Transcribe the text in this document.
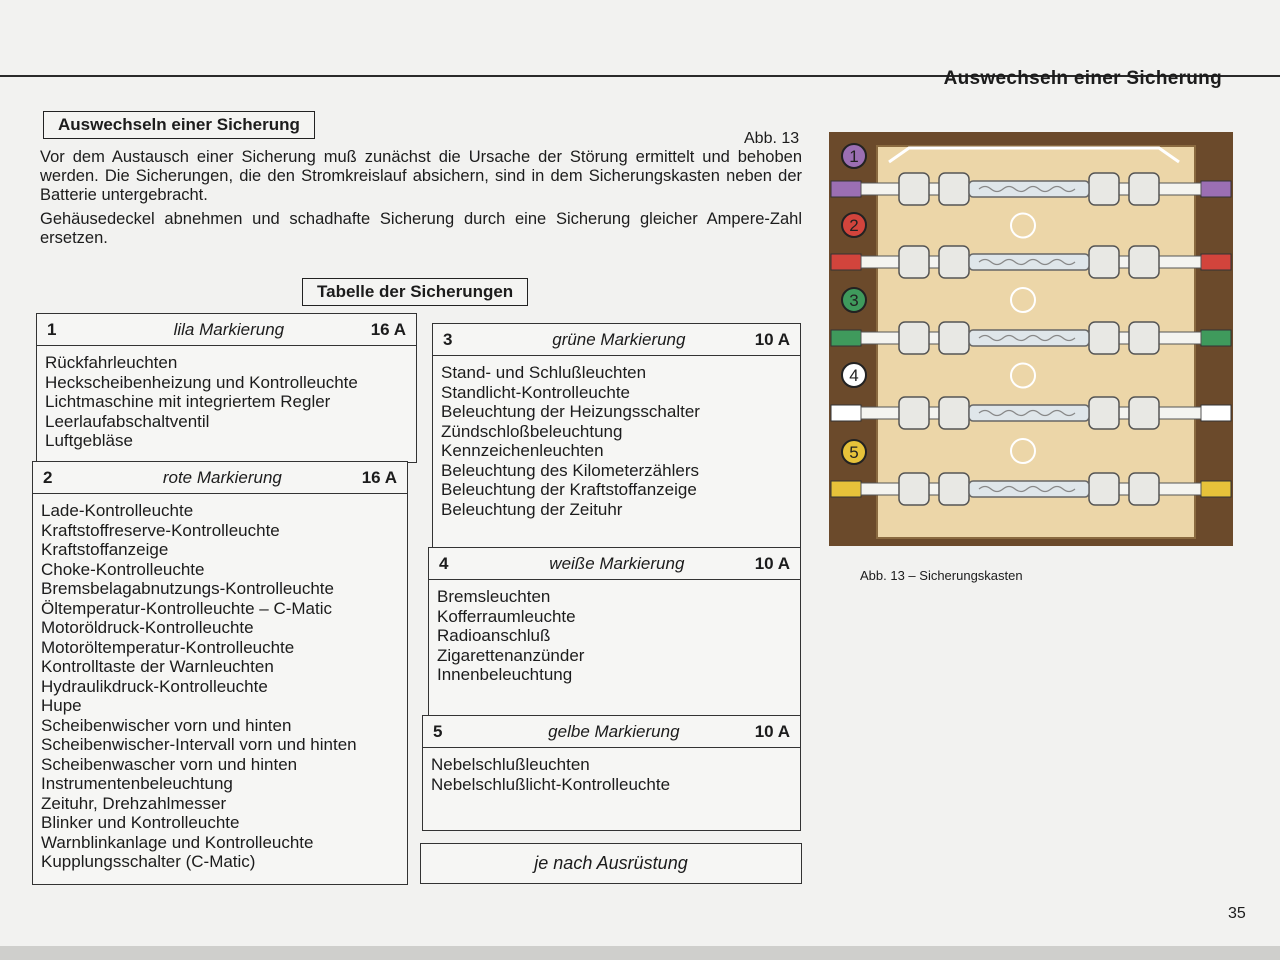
Auswechseln einer Sicherung
Auswechseln einer Sicherung
Abb. 13

Vor dem Austausch einer Sicherung muß zunächst die Ursache der Störung ermittelt und behoben werden. Die Sicherungen, die den Stromkreislauf absichern, sind in dem Sicherungskasten neben der Batterie untergebracht.

Gehäusedeckel abnehmen und schadhafte Sicherung durch eine Sicherung gleicher Ampere-Zahl ersetzen.

Tabelle der Sicherungen
1	lila Markierung	16 A
Rückfahrleuchten
Heckscheibenheizung und Kontrolleuchte
Lichtmaschine mit integriertem Regler
Leerlaufabschaltventil
Luftgebläse
2	rote Markierung	16 A
Lade-Kontrolleuchte
Kraftstoffreserve-Kontrolleuchte
Kraftstoffanzeige
Choke-Kontrolleuchte
Bremsbelagabnutzungs-Kontrolleuchte
Öltemperatur-Kontrolleuchte – C-Matic
Motoröldruck-Kontrolleuchte
Motoröltemperatur-Kontrolleuchte
Kontrolltaste der Warnleuchten
Hydraulikdruck-Kontrolleuchte
Hupe
Scheibenwischer vorn und hinten
Scheibenwischer-Intervall vorn und hinten
Scheibenwascher vorn und hinten
Instrumentenbeleuchtung
Zeituhr, Drehzahlmesser
Blinker und Kontrolleuchte
Warnblinkanlage und Kontrolleuchte
Kupplungsschalter (C-Matic)
3	grüne Markierung	10 A
Stand- und Schlußleuchten
Standlicht-Kontrolleuchte
Beleuchtung der Heizungsschalter
Zündschloßbeleuchtung
Kennzeichenleuchten
Beleuchtung des Kilometerzählers
Beleuchtung der Kraftstoffanzeige
Beleuchtung der Zeituhr
4	weiße Markierung	10 A
Bremsleuchten
Kofferraumleuchte
Radioanschluß
Zigarettenanzünder
Innenbeleuchtung
5	gelbe Markierung	10 A
Nebelschlußleuchten
Nebelschlußlicht-Kontrolleuchte
je nach Ausrüstung
1
2
3
4
5
Abb. 13 – Sicherungskasten
35
